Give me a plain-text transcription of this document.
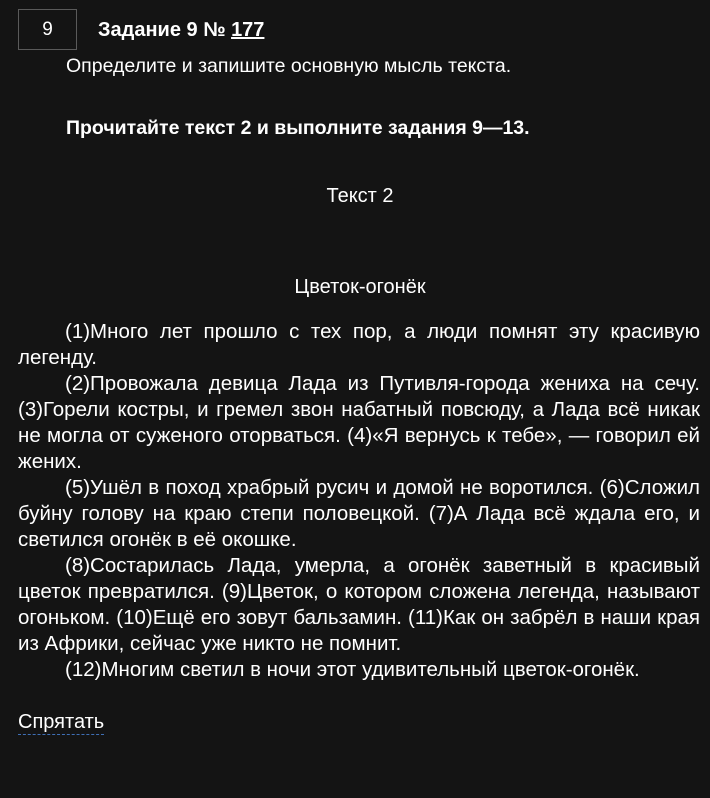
9 Задание 9 № 177
Определите и запишите основную мысль текста.
Прочитайте текст 2 и выполните задания 9—13.
Текст 2
Цветок-огонёк

(1)Много лет прошло с тех пор, а люди помнят эту красивую легенду.

(2)Провожала девица Лада из Путивля-города жениха на сечу. (3)Горели костры, и гремел звон набатный повсюду, а Лада всё никак не могла от суженого оторваться. (4)«Я вернусь к тебе», — говорил ей жених.

(5)Ушёл в поход храбрый русич и домой не воротился. (6)Сложил буйну голову на краю степи половецкой. (7)А Лада всё ждала его, и светился огонёк в её окошке.

(8)Состарилась Лада, умерла, а огонёк заветный в красивый цветок превратился. (9)Цветок, о котором сложена легенда, называют огоньком. (10)Ещё его зовут бальзамин. (11)Как он забрёл в наши края из Африки, сейчас уже никто не помнит.

(12)Многим светил в ночи этот удивительный цветок-огонёк.

Спрятать
